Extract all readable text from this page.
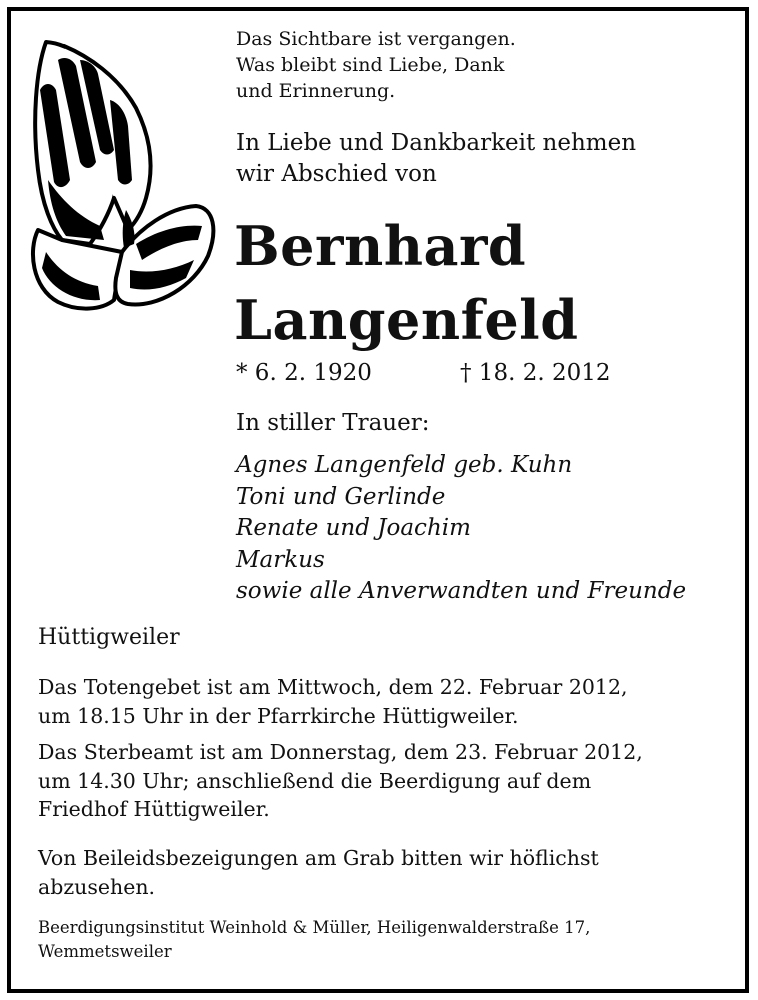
Das Sichtbare ist vergangen.
Was bleibt sind Liebe, Dank
und Erinnerung.
In Liebe und Dankbarkeit nehmen
wir Abschied von
Bernhard
Langenfeld
* 6. 2. 1920	† 18. 2. 2012
In stiller Trauer:
Agnes Langenfeld geb. Kuhn
Toni und Gerlinde
Renate und Joachim
Markus
sowie alle Anverwandten und Freunde
Hüttigweiler
Das Totengebet ist am Mittwoch, dem 22. Februar 2012,
um 18.15 Uhr in der Pfarrkirche Hüttigweiler.
Das Sterbeamt ist am Donnerstag, dem 23. Februar 2012,
um 14.30 Uhr; anschließend die Beerdigung auf dem
Friedhof Hüttigweiler.
Von Beileidsbezeigungen am Grab bitten wir höflichst
abzusehen.
Beerdigungsinstitut Weinhold & Müller, Heiligenwalderstraße 17,
Wemmetsweiler
